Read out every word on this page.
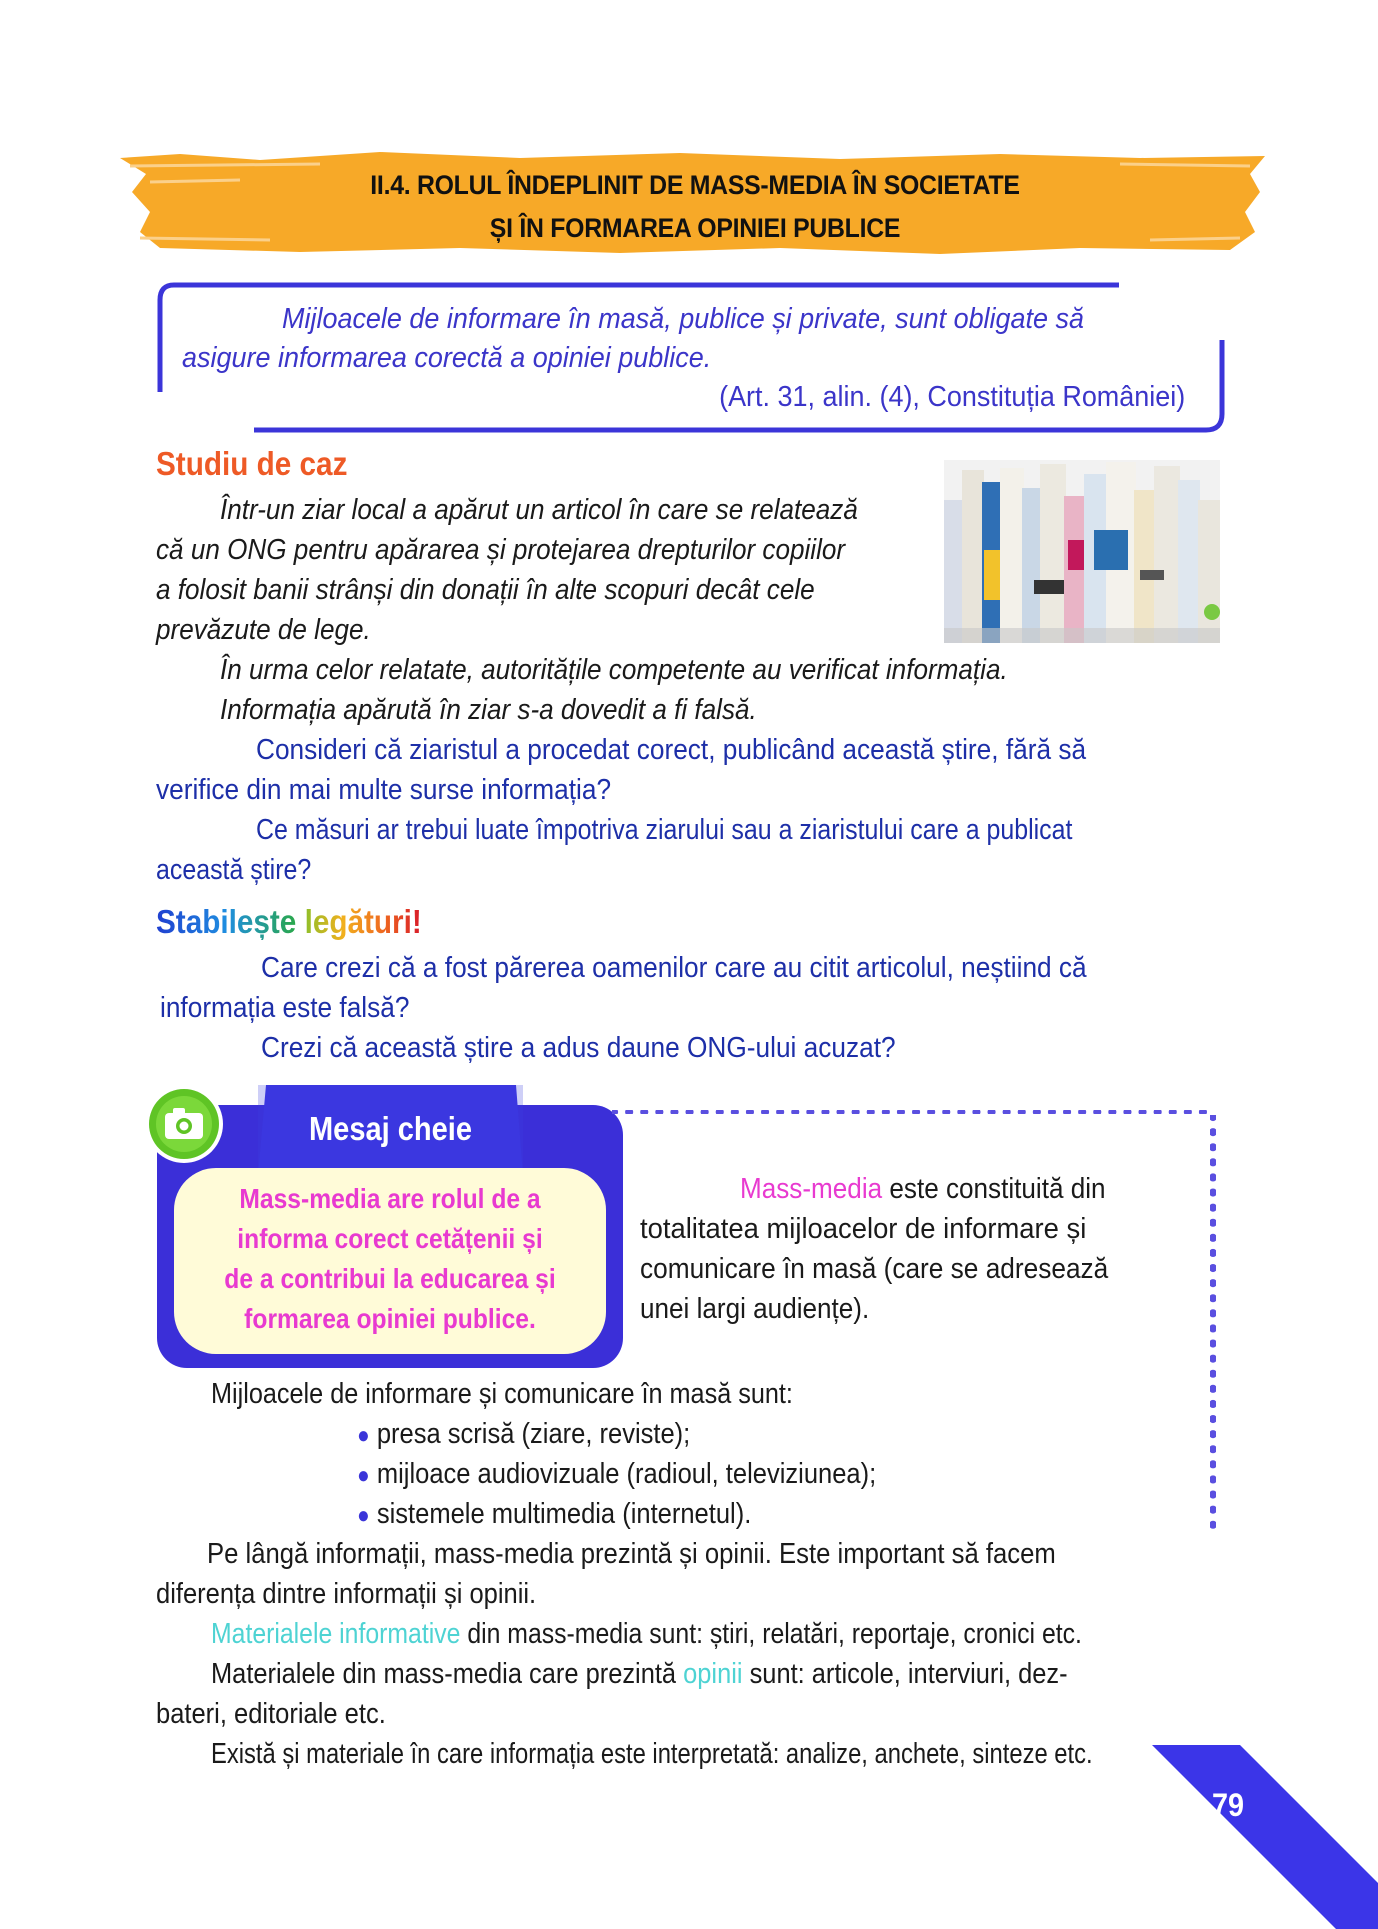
II.4. ROLUL ÎNDEPLINIT DE MASS-MEDIA ÎN SOCIETATE
ȘI ÎN FORMAREA OPINIEI PUBLICE
Mijloacele de informare în masă, publice și private, sunt obligate să
asigure informarea corectă a opiniei publice.
(Art. 31, alin. (4), Constituția României)
Studiu de caz
Într-un ziar local a apărut un articol în care se relatează
că un ONG pentru apărarea și protejarea drepturilor copiilor
a folosit banii strânși din donații în alte scopuri decât cele
prevăzute de lege.
În urma celor relatate, autoritățile competente au verificat informația.
Informația apărută în ziar s-a dovedit a fi falsă.
Consideri că ziaristul a procedat corect, publicând această știre, fără să
verifice din mai multe surse informația?
Ce măsuri ar trebui luate împotriva ziarului sau a ziaristului care a publicat
această știre?
Stabilește legături!
Care crezi că a fost părerea oamenilor care au citit articolul, neștiind că
informația este falsă?
Crezi că această știre a adus daune ONG-ului acuzat?
Mesaj cheie
Mass-media are rolul de a
informa corect cetățenii și
de a contribui la educarea și
formarea opiniei publice.
Mass-media este constituită din
totalitatea mijloacelor de informare și
comunicare în masă (care se adresează
unei largi audiențe).
Mijloacele de informare și comunicare în masă sunt:
● presa scrisă (ziare, reviste);
● mijloace audiovizuale (radioul, televiziunea);
● sistemele multimedia (internetul).
Pe lângă informații, mass-media prezintă și opinii. Este important să facem
diferența dintre informații și opinii.
Materialele informative din mass-media sunt: știri, relatări, reportaje, cronici etc.
Materialele din mass-media care prezintă opinii sunt: articole, interviuri, dez-
bateri, editoriale etc.
Există și materiale în care informația este interpretată: analize, anchete, sinteze etc.
79
